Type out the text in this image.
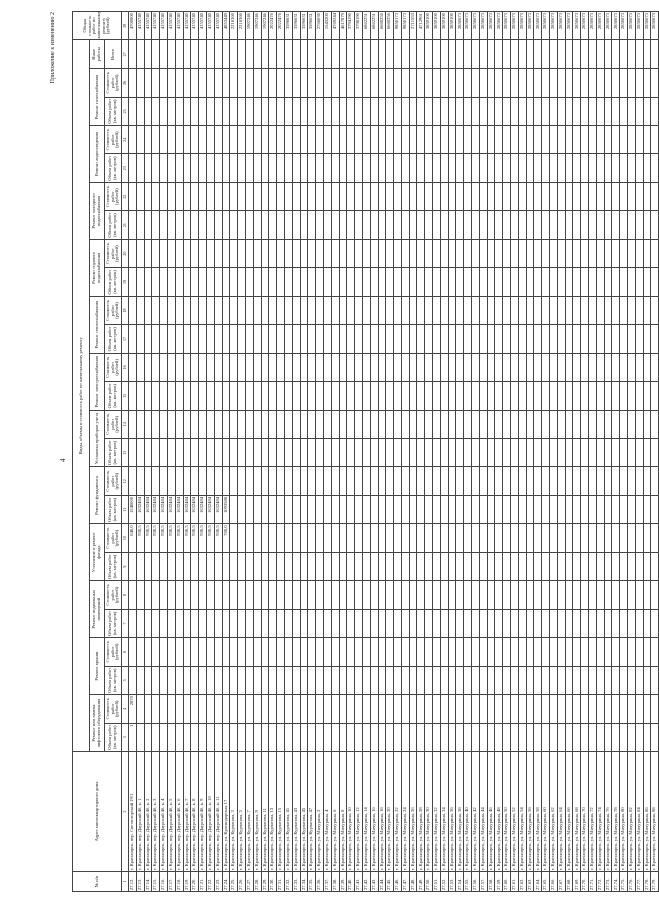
Приложение к изменению 2
4
№ п/п	Адрес многоквартирного дома	Виды, объемы и стоимость работ по капитальному ремонту																									Общая стоимость работ по капитальному ремонту (рублей)
		Ремонт или замена лифтового оборудования		Ремонт крыши		Ремонт подвальных помещений		Утепление и ремонт фасада		Ремонт фундамента		Установка приборов учета		Ремонт электроснабжения		Ремонт теплоснабжения		Ремонт горячего водоснабжения		Ремонт холодного водоснабжения		Ремонт водоотведения		Ремонт газоснабжения		Иные работы	
		Объем работ (кв. метров)	Стоимость работ (рублей)	Объем работ (кв. метров)	Стоимость работ (рублей)	Объем работ (кв. метров)	Стоимость работ (рублей)	Объем работ (кв. метров)	Стоимость работ (рублей)	Объем работ (кв. метров)	Стоимость работ (рублей)	Объем работ (кв. метров)	Стоимость работ (рублей)	Объем работ (кв. метров)	Стоимость работ (рублей)	Объем работ (кв. метров)	Стоимость работ (рублей)	Объем работ (кв. метров)	Стоимость работ (рублей)	Объем работ (кв. метров)	Стоимость работ (рублей)	Объем работ (кв. метров)	Стоимость работ (рублей)	Объем работ (кв. метров)	Стоимость работ (рублей)	Всего	
1	2	3	4	5	6	7	8	9	10	11	12	13	14	15	16	17	18	19	20	21	22	23	24	25	26	27	28
27.12.	г. Красноярск, пер. Светлогорский 19/1	1	2870						840,0	1540000																	4700000
27.13.	г. Красноярск, пер. Даурский 4б, к. 1								930,5	1632484																	4155740
27.14.	г. Красноярск, пер. Даурский 4б, к. 2								930,5	1632484																	4155740
27.15.	г. Красноярск, пер. Даурский 4б, к. 3								930,5	1632484																	4155740
27.16.	г. Красноярск, пер. Даурский 4б, к. 4								930,5	1632484																	4155740
27.17.	г. Красноярск, пер. Даурский 4б, к. 5								930,5	1632484																	4155740
27.18.	г. Красноярск, пер. Даурский 4б, к. 6								930,5	1632484																	4155740
27.19.	г. Красноярск, пер. Даурский 4б, к. 7								930,5	1632484																	4155740
27.20.	г. Красноярск, пер. Даурский 4б, к. 8								930,5	1632484																	4155740
27.21.	г. Красноярск, пер. Даурский 4б, к. 9								930,5	1632484																	4155740
27.22.	г. Красноярск, пер. Даурский 4б, к. 10								930,5	1632484																	4155740
27.23.	г. Красноярск, пер. Даурский 4б, к. 11								930,5	1632484																	4155740
27.24.	г. Красноярск, ул. Краснодарская 17								700,0	1093588																	4853449
27.25.	г. Красноярск, ул. Курчатова, 3																										2216360
27.26.	г. Красноярск, ул. Курчатова, 5																										2216360
27.27.	г. Красноярск, ул. Курчатова, 7																										1907246
27.28.	г. Красноярск, ул. Курчатова, 9																										1907246
27.29.	г. Красноярск, ул. Курчатова, 11																										1907246
27.30.	г. Красноярск, ул. Курчатова, 13																										2022476
27.31.	г. Красноярск, ул. Курчатова, 15																										2022476
27.32.	г. Красноярск, ул. Курчатова, 41																										3596631
27.33.	г. Красноярск, ул. Курчатова, 43																										3596631
27.34.	г. Красноярск, ул. Курчатова, 45																										3596631
27.35.	г. Красноярск, ул. Курчатова, 47																										3596631
27.36.	г. Красноярск, ул. Мичурина, 2																										2766030
27.37.	г. Красноярск, ул. Мичурина, 4																										1543200
27.38.	г. Красноярск, ул. Мичурина, 6																										4769244
27.39.	г. Красноярск, ул. Мичурина, 8																										4617879
27.40.	г. Красноярск, ул. Мичурина, 10																										3794190
27.41.	г. Красноярск, ул. Мичурина, 12																										3798190
27.42.	г. Красноярск, ул. Мичурина, 14																										6862251
27.43.	г. Красноярск, ул. Мичурина, 16																										6862251
27.44.	г. Красноярск, ул. Мичурина, 18																										6660256
27.45.	г. Красноярск, ул. Мичурина, 20																										6660256
27.46.	г. Красноярск, ул. Мичурина, 22																										9850173
27.47.	г. Красноярск, ул. Мичурина, 24																										9850173
27.48.	г. Красноярск, ул. Мичурина, 26																										2711553
27.49.	г. Красноярск, ул. Мичурина, 28																										4712961
27.50.	г. Красноярск, ул. Мичурина, 30																										3859100
27.51.	г. Красноярск, ул. Мичурина, 32																										3859100
27.52.	г. Красноярск, ул. Мичурина, 34																										3859100
27.53.	г. Красноярск, ул. Мичурина, 36																										3859100
27.54.	г. Красноярск, ул. Мичурина, 38																										2850673
27.55.	г. Красноярск, ул. Мичурина, 40																										2850673
27.56.	г. Красноярск, ул. Мичурина, 42																										2850673
27.57.	г. Красноярск, ул. Мичурина, 44																										2850673
27.58.	г. Красноярск, ул. Мичурина, 46																										2850673
27.59.	г. Красноярск, ул. Мичурина, 48																										2850673
27.60.	г. Красноярск, ул. Мичурина, 50																										2850673
27.61.	г. Красноярск, ул. Мичурина, 52																										2850673
27.62.	г. Красноярск, ул. Мичурина, 54																										2850673
27.63.	г. Красноярск, ул. Мичурина, 56																										2850673
27.64.	г. Красноярск, ул. Мичурина, 58																										2850673
27.65.	г. Красноярск, ул. Мичурина, 60																										2850673
27.66.	г. Красноярск, ул. Мичурина, 62																										2850673
27.67.	г. Красноярск, ул. Мичурина, 64																										2850673
27.68.	г. Красноярск, ул. Мичурина, 66																										2850673
27.69.	г. Красноярск, ул. Мичурина, 68																										2850673
27.70.	г. Красноярск, ул. Мичурина, 70																										2850673
27.71.	г. Красноярск, ул. Мичурина, 72																										2850673
27.72.	г. Красноярск, ул. Мичурина, 74																										2850673
27.73.	г. Красноярск, ул. Мичурина, 76																										2850673
27.74.	г. Красноярск, ул. Мичурина, 78																										2850673
27.75.	г. Красноярск, ул. Мичурина, 80																										2850673
27.76.	г. Красноярск, ул. Мичурина, 82																										2850673
27.77.	г. Красноярск, ул. Мичурина, 84																										2850673
27.78.	г. Красноярск, ул. Мичурина, 86																										2850673
27.79.	г. Красноярск, ул. Мичурина, 88																										2850673
